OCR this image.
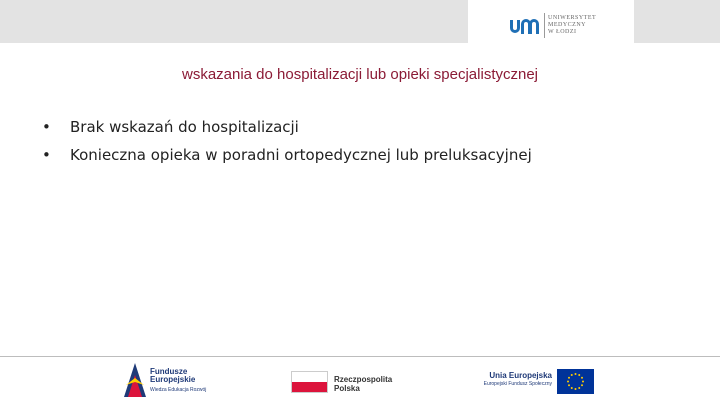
UNIWERSYTET
MEDYCZNY
W ŁODZI
wskazania do hospitalizacji lub opieki specjalistycznej
• Brak wskazań do hospitalizacji
• Konieczna opieka w poradni ortopedycznej lub preluksacyjnej
Fundusze
Europejskie
Wiedza Edukacja Rozwój
Rzeczpospolita
Polska
Unia Europejska
Europejski Fundusz Społeczny
